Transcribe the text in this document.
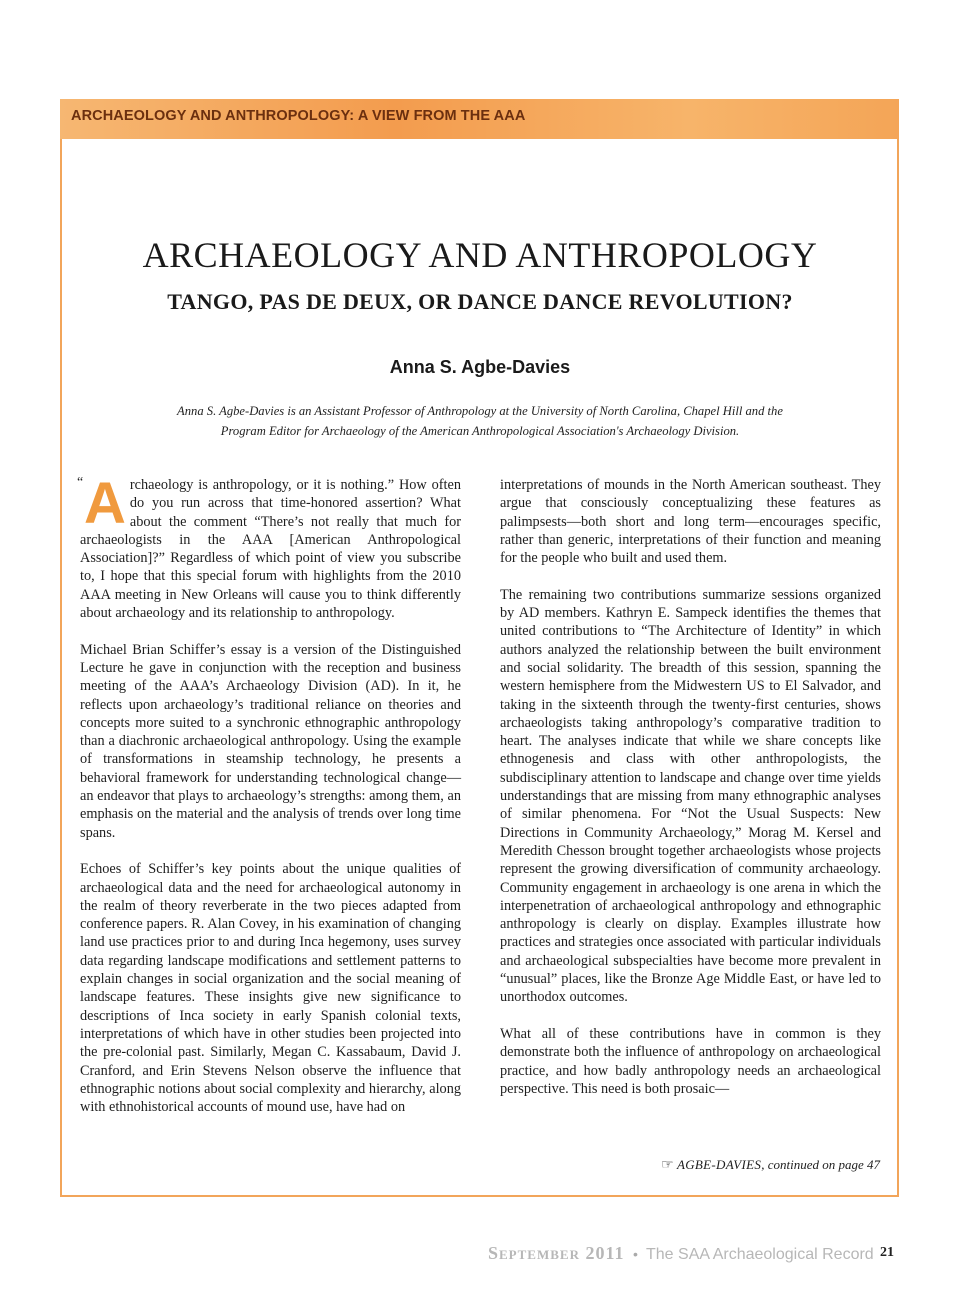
ARCHAEOLOGY AND ANTHROPOLOGY: A VIEW FROM THE AAA
ARCHAEOLOGY AND ANTHROPOLOGY
TANGO, PAS DE DEUX, OR DANCE DANCE REVOLUTION?
Anna S. Agbe-Davies
Anna S. Agbe-Davies is an Assistant Professor of Anthropology at the University of North Carolina, Chapel Hill and the
Program Editor for Archaeology of the American Anthropological Association's Archaeology Division.

“ A rchaeology is anthropology, or it is nothing.” How often do you run across that time-honored assertion? What about the comment “There’s not really that much for archaeologists in the AAA [American Anthropological Association]?” Regardless of which point of view you subscribe to, I hope that this special forum with highlights from the 2010 AAA meeting in New Orleans will cause you to think differently about archaeology and its relationship to anthropology.

Michael Brian Schiffer’s essay is a version of the Distinguished Lecture he gave in conjunction with the reception and business meeting of the AAA’s Archaeology Division (AD). In it, he reflects upon archaeology’s traditional reliance on theories and concepts more suited to a synchronic ethnographic anthropology than a diachronic archaeological anthropology. Using the example of transformations in steamship technology, he presents a behavioral framework for understanding technological change—an endeavor that plays to archaeology’s strengths: among them, an emphasis on the material and the analysis of trends over long time spans.

Echoes of Schiffer’s key points about the unique qualities of archaeological data and the need for archaeological autonomy in the realm of theory reverberate in the two pieces adapted from conference papers. R. Alan Covey, in his examination of changing land use practices prior to and during Inca hegemony, uses survey data regarding landscape modifications and settlement patterns to explain changes in social organization and the social meaning of landscape features. These insights give new significance to descriptions of Inca society in early Spanish colonial texts, interpretations of which have in other studies been projected into the pre-colonial past. Similarly, Megan C. Kassabaum, David J. Cranford, and Erin Stevens Nelson observe the influence that ethnographic notions about social complexity and hierarchy, along with ethnohistorical accounts of mound use, have had on

interpretations of mounds in the North American southeast. They argue that consciously conceptualizing these features as palimpsests—both short and long term—encourages specific, rather than generic, interpretations of their function and meaning for the people who built and used them.

The remaining two contributions summarize sessions organized by AD members. Kathryn E. Sampeck identifies the themes that united contributions to “The Architecture of Identity” in which authors analyzed the relationship between the built environment and social solidarity. The breadth of this session, spanning the western hemisphere from the Midwestern US to El Salvador, and taking in the sixteenth through the twenty-first centuries, shows archaeologists taking anthropology’s comparative tradition to heart. The analyses indicate that while we share concepts like ethnogenesis and class with other anthropologists, the subdisciplinary attention to landscape and change over time yields understandings that are missing from many ethnographic analyses of similar phenomena. For “Not the Usual Suspects: New Directions in Community Archaeology,” Morag M. Kersel and Meredith Chesson brought together archaeologists whose projects represent the growing diversification of community archaeology. Community engagement in archaeology is one arena in which the interpenetration of archaeological anthropology and ethnographic anthropology is clearly on display. Examples illustrate how practices and strategies once associated with particular individuals and archaeological subspecialties have become more prevalent in “unusual” places, like the Bronze Age Middle East, or have led to unorthodox outcomes.

What all of these contributions have in common is they demonstrate both the influence of anthropology on archaeological practice, and how badly anthropology needs an archaeological perspective. This need is both prosaic—

☞ AGBE-DAVIES, continued on page 47
September 2011 • The SAA Archaeological Record 21
